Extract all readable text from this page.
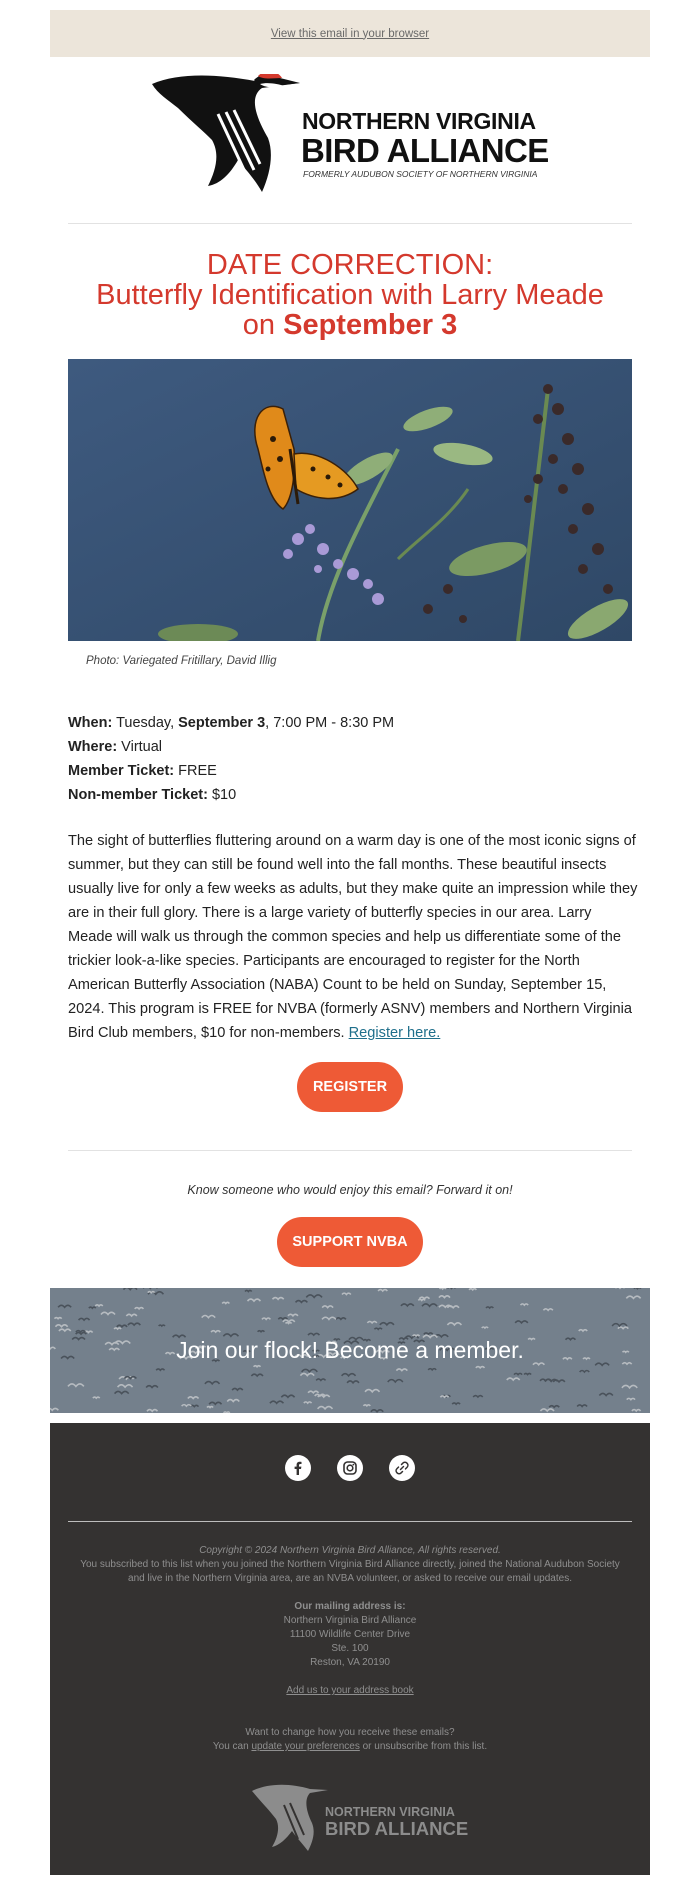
View this email in your browser
NORTHERN VIRGINIA
BIRD ALLIANCE
FORMERLY AUDUBON SOCIETY OF NORTHERN VIRGINIA
DATE CORRECTION:
Butterfly Identification with Larry Meade
on September 3
Photo: Variegated Fritillary, David Illig
When: Tuesday, September 3, 7:00 PM - 8:30 PM
Where: Virtual
Member Ticket: FREE
Non-member Ticket: $10
The sight of butterflies fluttering around on a warm day is one of the most iconic signs of summer, but they can still be found well into the fall months. These beautiful insects usually live for only a few weeks as adults, but they make quite an impression while they are in their full glory. There is a large variety of butterfly species in our area. Larry Meade will walk us through the common species and help us differentiate some of the trickier look-a-like species. Participants are encouraged to register for the North American Butterfly Association (NABA) Count to be held on Sunday, September 15, 2024. This program is FREE for NVBA (formerly ASNV) members and Northern Virginia Bird Club members, $10 for non-members. Register here.
REGISTER
Know someone who would enjoy this email? Forward it on!
SUPPORT NVBA
Join our flock! Become a member.
Copyright © 2024 Northern Virginia Bird Alliance, All rights reserved.
You subscribed to this list when you joined the Northern Virginia Bird Alliance directly, joined the National Audubon Society
and live in the Northern Virginia area, are an NVBA volunteer, or asked to receive our email updates.
Our mailing address is:
Northern Virginia Bird Alliance
11100 Wildlife Center Drive
Ste. 100
Reston, VA 20190
Add us to your address book
Want to change how you receive these emails?
You can update your preferences or unsubscribe from this list.
NORTHERN VIRGINIA
BIRD ALLIANCE
